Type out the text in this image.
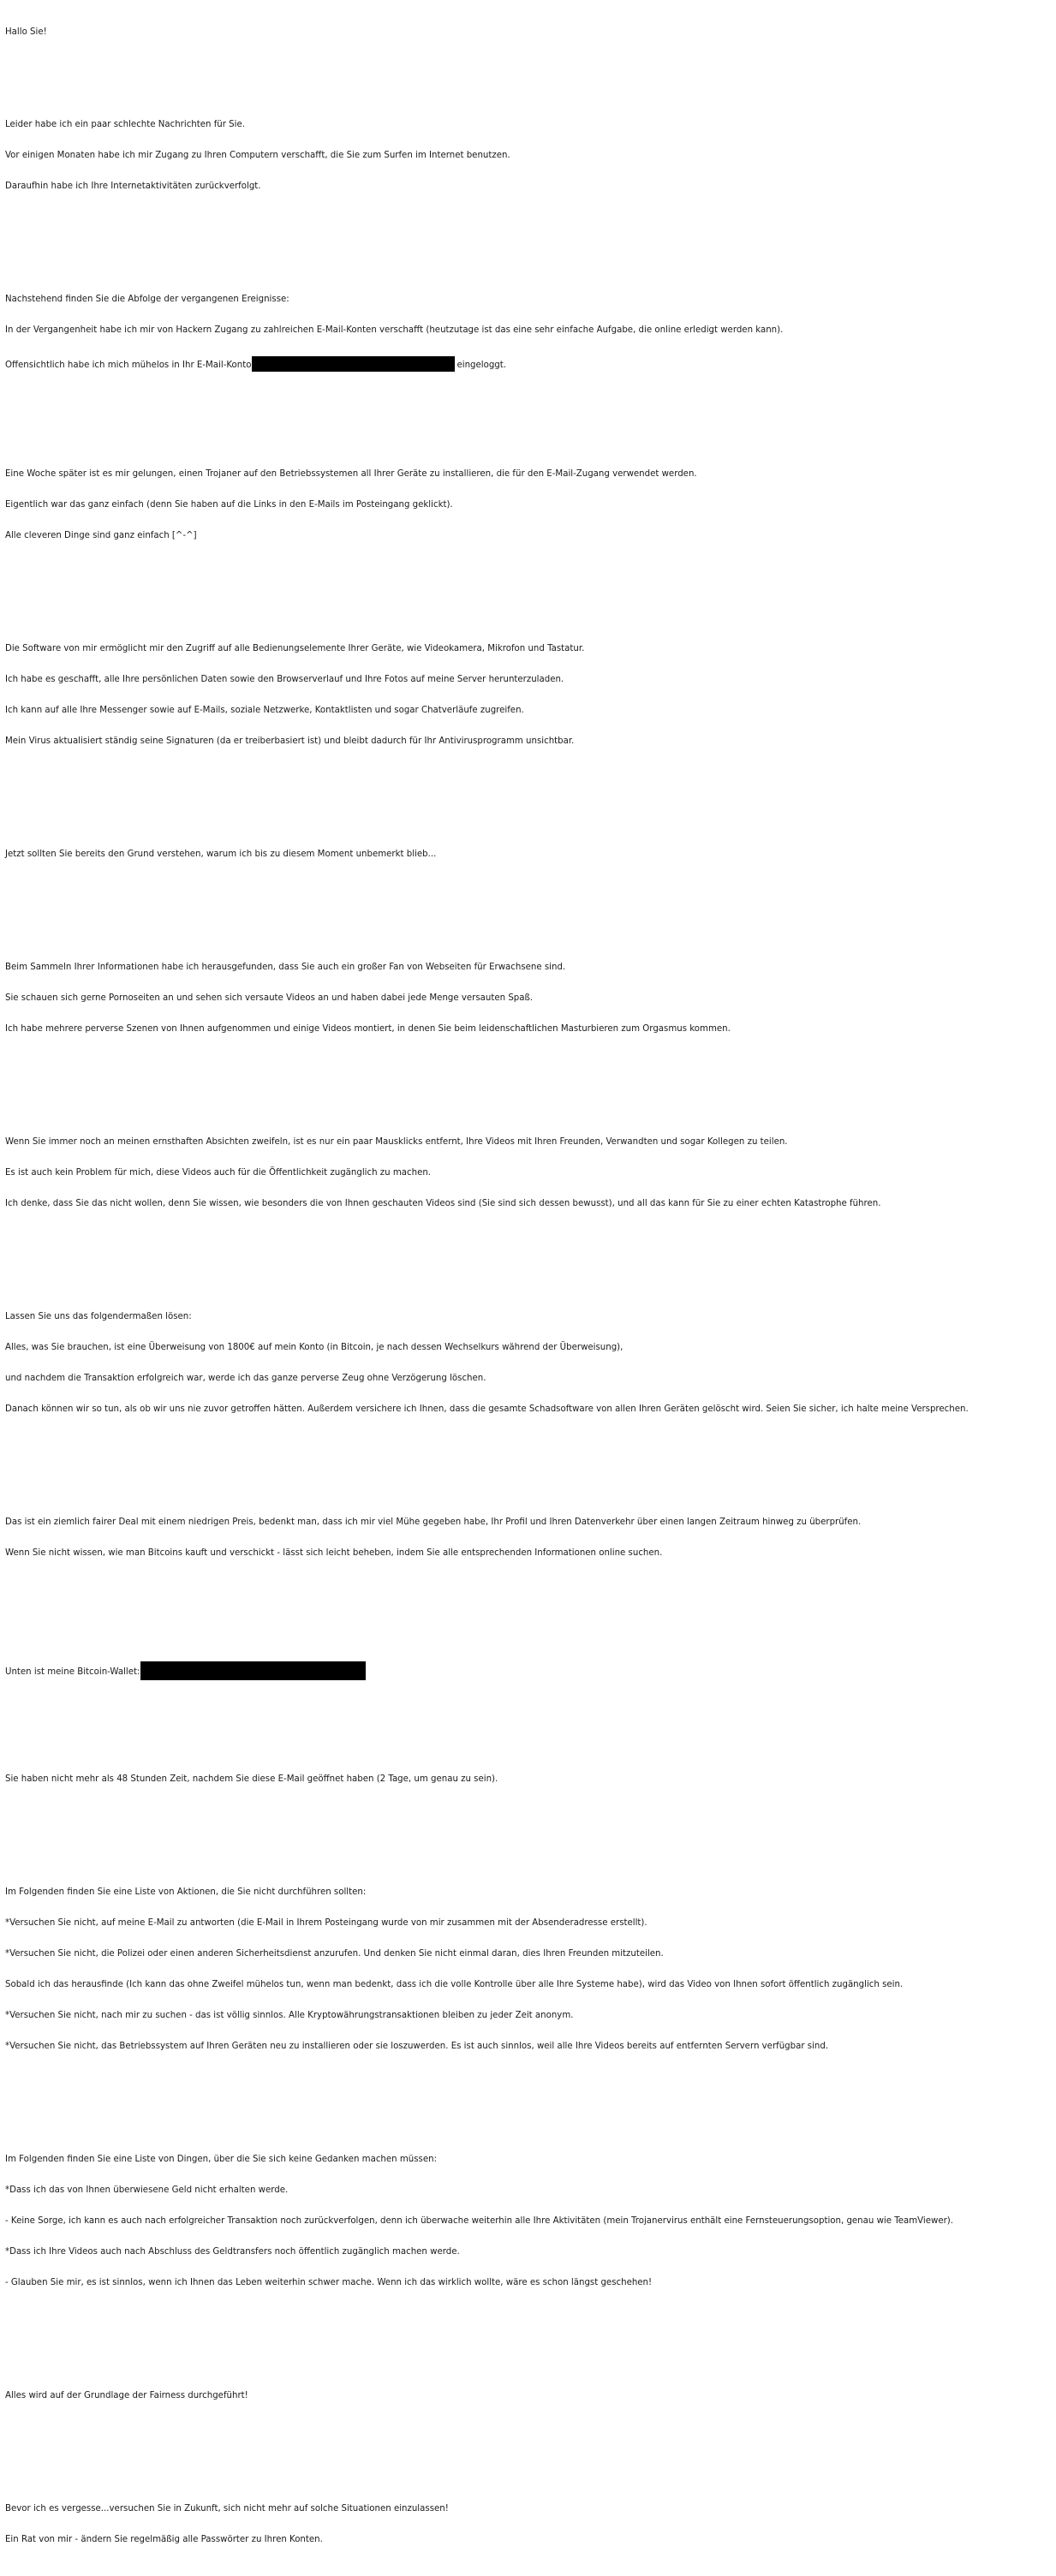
Hallo Sie!

Leider habe ich ein paar schlechte Nachrichten für Sie.

Vor einigen Monaten habe ich mir Zugang zu Ihren Computern verschafft, die Sie zum Surfen im Internet benutzen.

Daraufhin habe ich Ihre Internetaktivitäten zurückverfolgt.

Nachstehend finden Sie die Abfolge der vergangenen Ereignisse:

In der Vergangenheit habe ich mir von Hackern Zugang zu zahlreichen E-Mail-Konten verschafft (heutzutage ist das eine sehr einfache Aufgabe, die online erledigt werden kann).

Offensichtlich habe ich mich mühelos in Ihr E-Mail-Konto	eingeloggt.

Eine Woche später ist es mir gelungen, einen Trojaner auf den Betriebssystemen all Ihrer Geräte zu installieren, die für den E-Mail-Zugang verwendet werden.

Eigentlich war das ganz einfach (denn Sie haben auf die Links in den E-Mails im Posteingang geklickt).

Alle cleveren Dinge sind ganz einfach [^-^]

Die Software von mir ermöglicht mir den Zugriff auf alle Bedienungselemente Ihrer Geräte, wie Videokamera, Mikrofon und Tastatur.

Ich habe es geschafft, alle Ihre persönlichen Daten sowie den Browserverlauf und Ihre Fotos auf meine Server herunterzuladen.

Ich kann auf alle Ihre Messenger sowie auf E-Mails, soziale Netzwerke, Kontaktlisten und sogar Chatverläufe zugreifen.

Mein Virus aktualisiert ständig seine Signaturen (da er treiberbasiert ist) und bleibt dadurch für Ihr Antivirusprogramm unsichtbar.

Jetzt sollten Sie bereits den Grund verstehen, warum ich bis zu diesem Moment unbemerkt blieb...

Beim Sammeln Ihrer Informationen habe ich herausgefunden, dass Sie auch ein großer Fan von Webseiten für Erwachsene sind.

Sie schauen sich gerne Pornoseiten an und sehen sich versaute Videos an und haben dabei jede Menge versauten Spaß.

Ich habe mehrere perverse Szenen von Ihnen aufgenommen und einige Videos montiert, in denen Sie beim leidenschaftlichen Masturbieren zum Orgasmus kommen.

Wenn Sie immer noch an meinen ernsthaften Absichten zweifeln, ist es nur ein paar Mausklicks entfernt, Ihre Videos mit Ihren Freunden, Verwandten und sogar Kollegen zu teilen.

Es ist auch kein Problem für mich, diese Videos auch für die Öffentlichkeit zugänglich zu machen.

Ich denke, dass Sie das nicht wollen, denn Sie wissen, wie besonders die von Ihnen geschauten Videos sind (Sie sind sich dessen bewusst), und all das kann für Sie zu einer echten Katastrophe führen.

Lassen Sie uns das folgendermaßen lösen:

Alles, was Sie brauchen, ist eine Überweisung von 1800€ auf mein Konto (in Bitcoin, je nach dessen Wechselkurs während der Überweisung),

und nachdem die Transaktion erfolgreich war, werde ich das ganze perverse Zeug ohne Verzögerung löschen.

Danach können wir so tun, als ob wir uns nie zuvor getroffen hätten. Außerdem versichere ich Ihnen, dass die gesamte Schadsoftware von allen Ihren Geräten gelöscht wird. Seien Sie sicher, ich halte meine Versprechen.

Das ist ein ziemlich fairer Deal mit einem niedrigen Preis, bedenkt man, dass ich mir viel Mühe gegeben habe, Ihr Profil und Ihren Datenverkehr über einen langen Zeitraum hinweg zu überprüfen.

Wenn Sie nicht wissen, wie man Bitcoins kauft und verschickt - lässt sich leicht beheben, indem Sie alle entsprechenden Informationen online suchen.

Unten ist meine Bitcoin-Wallet:

Sie haben nicht mehr als 48 Stunden Zeit, nachdem Sie diese E-Mail geöffnet haben (2 Tage, um genau zu sein).

Im Folgenden finden Sie eine Liste von Aktionen, die Sie nicht durchführen sollten:

*Versuchen Sie nicht, auf meine E-Mail zu antworten (die E-Mail in Ihrem Posteingang wurde von mir zusammen mit der Absenderadresse erstellt).

*Versuchen Sie nicht, die Polizei oder einen anderen Sicherheitsdienst anzurufen. Und denken Sie nicht einmal daran, dies Ihren Freunden mitzuteilen.

Sobald ich das herausfinde (Ich kann das ohne Zweifel mühelos tun, wenn man bedenkt, dass ich die volle Kontrolle über alle Ihre Systeme habe), wird das Video von Ihnen sofort öffentlich zugänglich sein.

*Versuchen Sie nicht, nach mir zu suchen - das ist völlig sinnlos. Alle Kryptowährungstransaktionen bleiben zu jeder Zeit anonym.

*Versuchen Sie nicht, das Betriebssystem auf Ihren Geräten neu zu installieren oder sie loszuwerden. Es ist auch sinnlos, weil alle Ihre Videos bereits auf entfernten Servern verfügbar sind.

Im Folgenden finden Sie eine Liste von Dingen, über die Sie sich keine Gedanken machen müssen:

*Dass ich das von Ihnen überwiesene Geld nicht erhalten werde.

- Keine Sorge, ich kann es auch nach erfolgreicher Transaktion noch zurückverfolgen, denn ich überwache weiterhin alle Ihre Aktivitäten (mein Trojanervirus enthält eine Fernsteuerungsoption, genau wie TeamViewer).

*Dass ich Ihre Videos auch nach Abschluss des Geldtransfers noch öffentlich zugänglich machen werde.

- Glauben Sie mir, es ist sinnlos, wenn ich Ihnen das Leben weiterhin schwer mache. Wenn ich das wirklich wollte, wäre es schon längst geschehen!

Alles wird auf der Grundlage der Fairness durchgeführt!

Bevor ich es vergesse...versuchen Sie in Zukunft, sich nicht mehr auf solche Situationen einzulassen!

Ein Rat von mir - ändern Sie regelmäßig alle Passwörter zu Ihren Konten.
